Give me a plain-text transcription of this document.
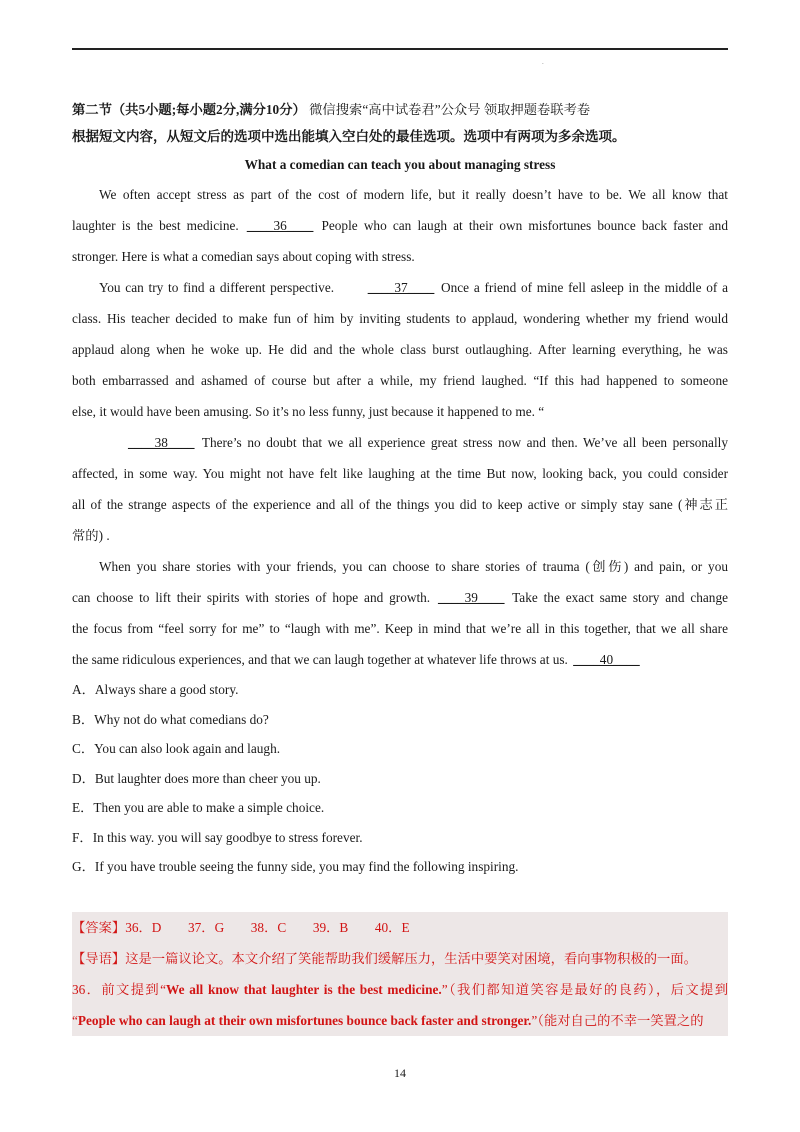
.
第二节（共5小题;每小题2分,满分10分） 微信搜索“高中试卷君”公众号 领取押题卷联考卷
根据短文内容，从短文后的选项中选出能填入空白处的最佳选项。选项中有两项为多余选项。
What a comedian can teach you about managing stress
We often accept stress as part of the cost of modern life, but it really doesn’t have to be. We all know that
laughter is the best medicine. ____36____ People who can laugh at their own misfortunes bounce back faster and
stronger. Here is what a comedian says about coping with stress.
You can try to find a different perspective. ____37____ Once a friend of mine fell asleep in the middle of a
class. His teacher decided to make fun of him by inviting students to applaud, wondering whether my friend would
applaud along when he woke up. He did and the whole class burst outlaughing. After learning everything, he was
both embarrassed and ashamed of course but after a while, my friend laughed. “If this had happened to someone
else, it would have been amusing. So it’s no less funny, just because it happened to me. “
____38____ There’s no doubt that we all experience great stress now and then. We’ve all been personally
affected, in some way. You might not have felt like laughing at the time But now, looking back, you could consider
all of the strange aspects of the experience and all of the things you did to keep active or simply stay sane (神志正
常的) .
When you share stories with your friends, you can choose to share stories of trauma (创伤) and pain, or you
can choose to lift their spirits with stories of hope and growth. ____39____ Take the exact same story and change
the focus from “feel sorry for me” to “laugh with me”. Keep in mind that we’re all in this together, that we all share
the same ridiculous experiences, and that we can laugh together at whatever life throws at us. ____40____
A．Always share a good story.
B．Why not do what comedians do?
C．You can also look again and laugh.
D．But laughter does more than cheer you up.
E．Then you are able to make a simple choice.
F．In this way. you will say goodbye to stress forever.
G．If you have trouble seeing the funny side, you may find the following inspiring.
【答案】36．D　　37．G　　38．C　　39．B　　40．E
【导语】这是一篇议论文。本文介绍了笑能帮助我们缓解压力，生活中要笑对困境，看向事物积极的一面。
36．前文提到“We all know that laughter is the best medicine.”（我们都知道笑容是最好的良药），后文提到
“People who can laugh at their own misfortunes bounce back faster and stronger.”（能对自己的不幸一笑置之的
14
